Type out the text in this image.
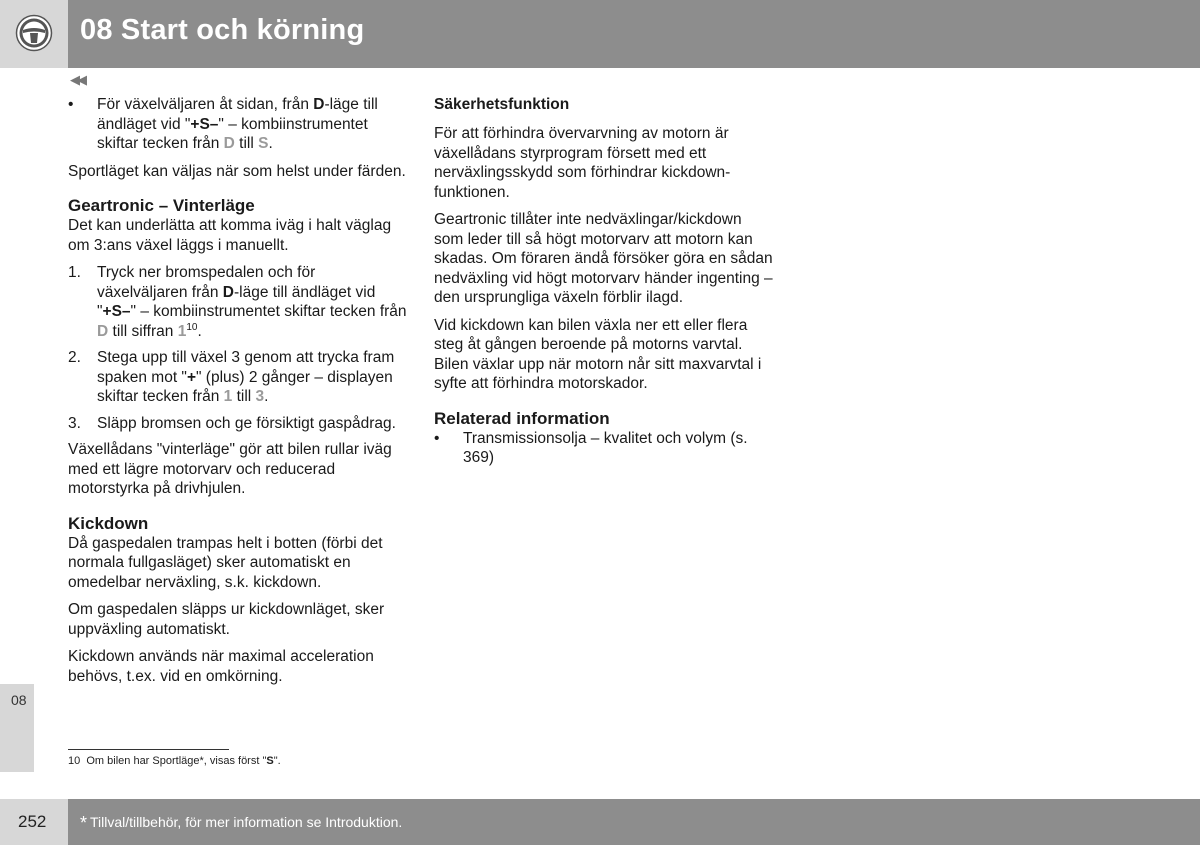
08 Start och körning
08
◀◀
• För växelväljaren åt sidan, från D-läge till ändläget vid "+S–" – kombiinstrumentet skiftar tecken från D till S.

Sportläget kan väljas när som helst under färden.

Geartronic – Vinterläge

Det kan underlätta att komma iväg i halt väglag om 3:ans växel läggs i manuellt.

1. Tryck ner bromspedalen och för växelväljaren från D-läge till ändläget vid "+S–" – kombiinstrumentet skiftar tecken från D till siffran $1^{10}$.
2. Stega upp till växel 3 genom att trycka fram spaken mot "+" (plus) 2 gånger – displayen skiftar tecken från 1 till 3.
3. Släpp bromsen och ge försiktigt gaspådrag.

Växellådans "vinterläge" gör att bilen rullar iväg med ett lägre motorvarv och reducerad motorstyrka på drivhjulen.

Kickdown

Då gaspedalen trampas helt i botten (förbi det normala fullgasläget) sker automatiskt en omedelbar nerväxling, s.k. kickdown.

Om gaspedalen släpps ur kickdownläget, sker uppväxling automatiskt.

Kickdown används när maximal acceleration behövs, t.ex. vid en omkörning.

Säkerhetsfunktion

För att förhindra övervarvning av motorn är växellådans styrprogram försett med ett nerväxlingsskydd som förhindrar kickdown-funktionen.

Geartronic tillåter inte nedväxlingar/kickdown som leder till så högt motorvarv att motorn kan skadas. Om föraren ändå försöker göra en sådan nedväxling vid högt motorvarv händer ingenting – den ursprungliga växeln förblir ilagd.

Vid kickdown kan bilen växla ner ett eller flera steg åt gången beroende på motorns varvtal. Bilen växlar upp när motorn når sitt maxvarvtal i syfte att förhindra motorskador.

Relaterad information
• Transmissionsolja – kvalitet och volym (s. 369)
10 Om bilen har Sportläge*, visas först "S".
252 * Tillval/tillbehör, för mer information se Introduktion.
